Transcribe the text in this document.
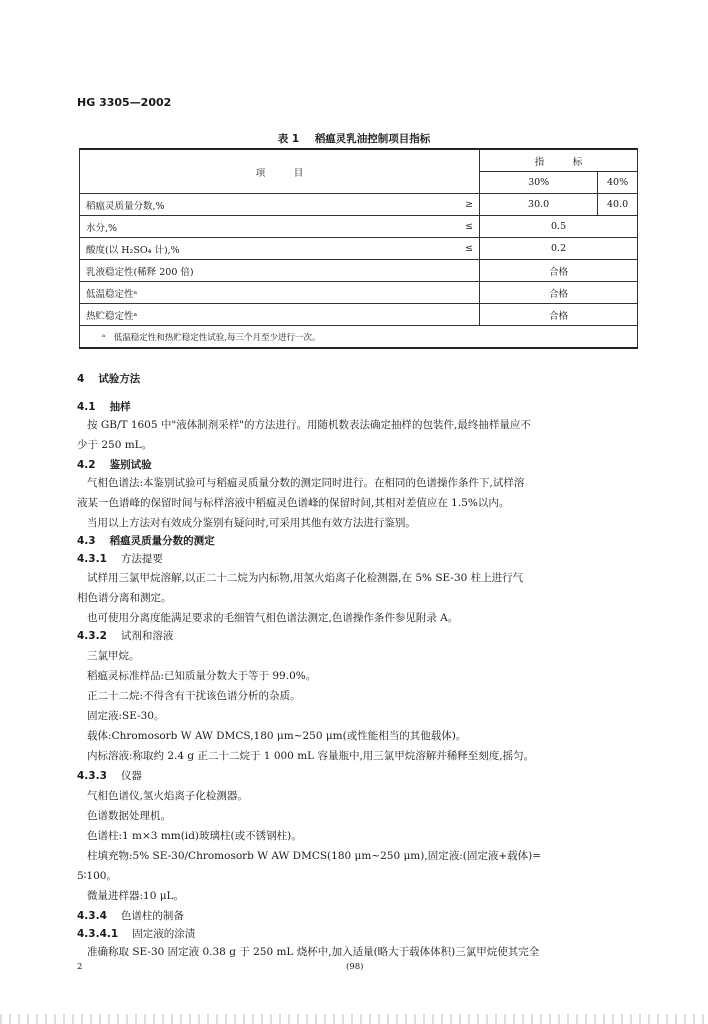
HG 3305—2002
表 1 稻瘟灵乳油控制项目指标
项　　　目		指　　　标	
		30%	40%
稻瘟灵质量分数,%	≥	30.0	40.0
水分,%	≤	0.5	
酸度(以 H₂SO₄ 计),%	≤	0.2	
乳液稳定性(稀释 200 倍)		合格	
低温稳定性ᵃ		合格	
热贮稳定性ᵃ		合格	
ᵃ　低温稳定性和热贮稳定性试验,每三个月至少进行一次。			
4 试验方法
4.1 抽样
按 GB/T 1605 中"液体制剂采样"的方法进行。用随机数表法确定抽样的包装件,最终抽样量应不
少于 250 mL。
4.2 鉴别试验
气相色谱法:本鉴别试验可与稻瘟灵质量分数的测定同时进行。在相同的色谱操作条件下,试样溶
液某一色谱峰的保留时间与标样溶液中稻瘟灵色谱峰的保留时间,其相对差值应在 1.5%以内。
当用以上方法对有效成分鉴别有疑问时,可采用其他有效方法进行鉴别。
4.3 稻瘟灵质量分数的测定
4.3.1 方法提要
试样用三氯甲烷溶解,以正二十二烷为内标物,用氢火焰离子化检测器,在 5% SE-30 柱上进行气
相色谱分离和测定。
也可使用分离度能满足要求的毛细管气相色谱法测定,色谱操作条件参见附录 A。
4.3.2 试剂和溶液
三氯甲烷。
稻瘟灵标准样品:已知质量分数大于等于 99.0%。
正二十二烷:不得含有干扰该色谱分析的杂质。
固定液:SE-30。
载体:Chromosorb W AW DMCS,180 μm~250 μm(或性能相当的其他载体)。
内标溶液:称取约 2.4 g 正二十二烷于 1 000 mL 容量瓶中,用三氯甲烷溶解并稀释至刻度,摇匀。
4.3.3 仪器
气相色谱仪,氢火焰离子化检测器。
色谱数据处理机。
色谱柱:1 m×3 mm(id)玻璃柱(或不锈钢柱)。
柱填充物:5% SE-30/Chromosorb W AW DMCS(180 μm~250 μm),固定液:(固定液+载体)=
5∶100。
微量进样器:10 μL。
4.3.4 色谱柱的制备
4.3.4.1 固定液的涂渍
准确称取 SE-30 固定液 0.38 g 于 250 mL 烧杯中,加入适量(略大于载体体积)三氯甲烷使其完全
2	(98)
